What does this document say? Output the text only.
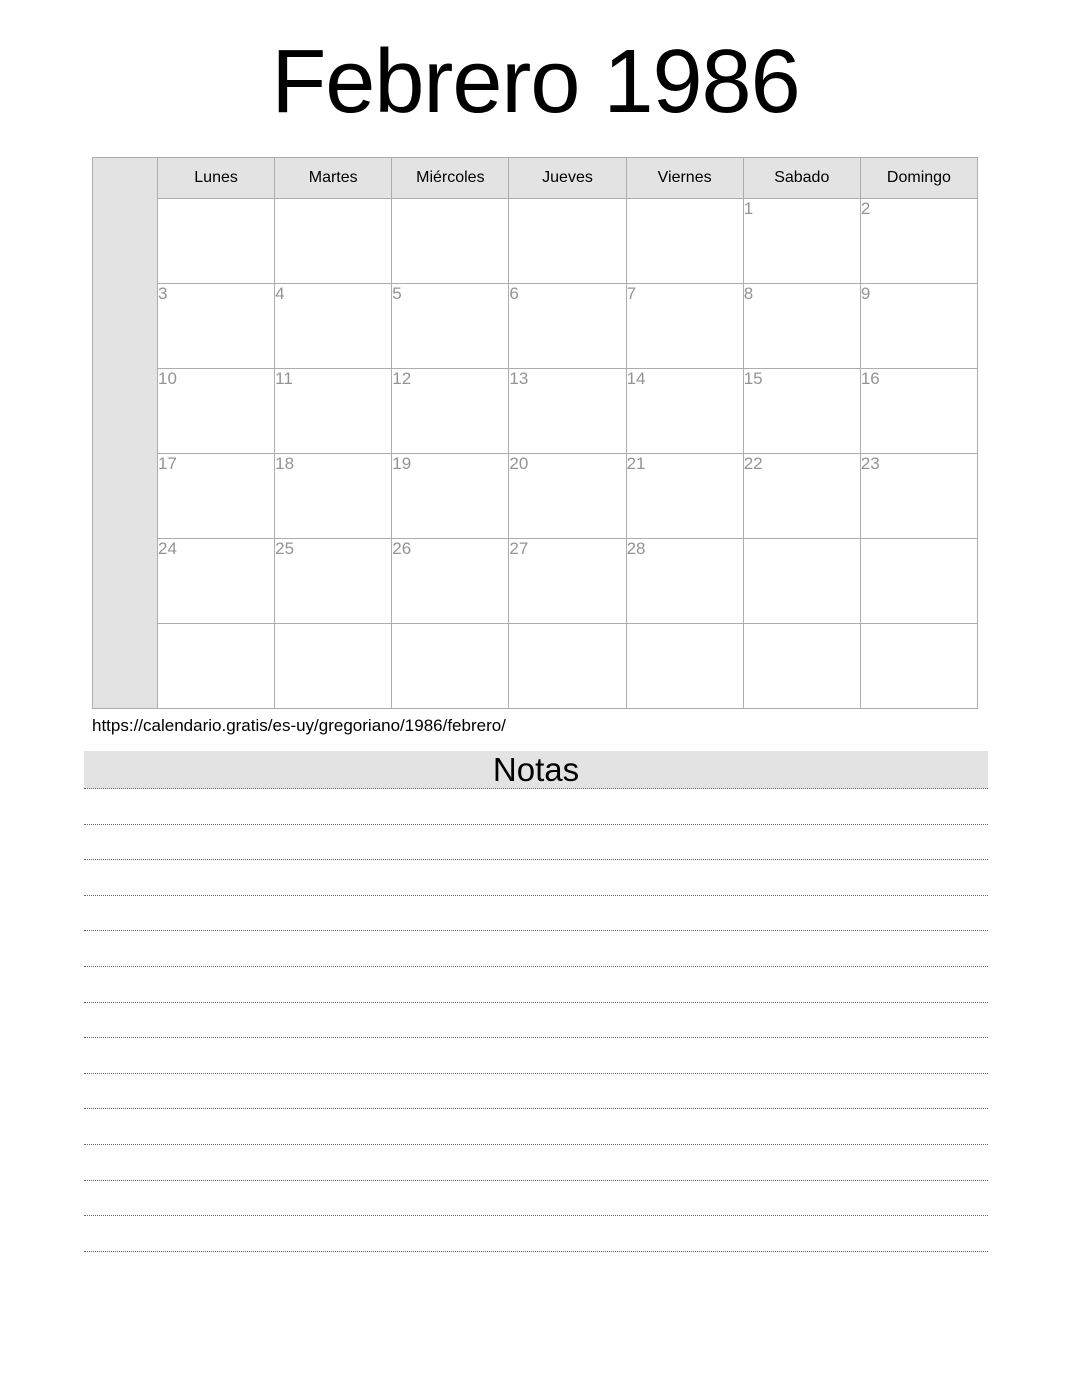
Febrero 1986
	Lunes	Martes	Miércoles	Jueves	Viernes	Sabado	Domingo
						1	2
	3	4	5	6	7	8	9
	10	11	12	13	14	15	16
	17	18	19	20	21	22	23
	24	25	26	27	28		

https://calendario.gratis/es-uy/gregoriano/1986/febrero/
Notas
